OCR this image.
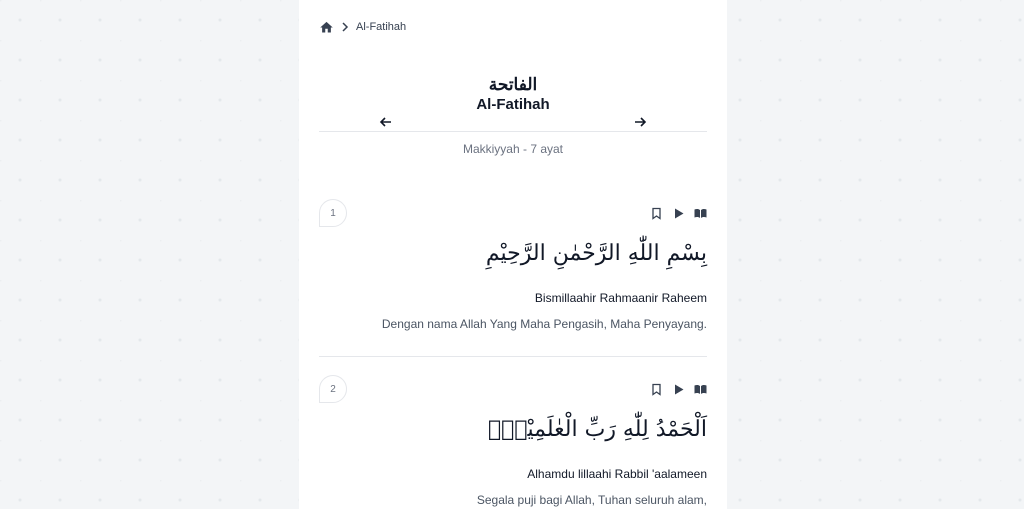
Al-Fatihah
الفاتحة
Al-Fatihah
Makkiyyah - 7 ayat
1
بِسْمِ اللّٰهِ الرَّحْمٰنِ الرَّحِيْمِ
Bismillaahir Rahmaanir Raheem
Dengan nama Allah Yang Maha Pengasih, Maha Penyayang.
2
اَلْحَمْدُ لِلّٰهِ رَبِّ الْعٰلَمِيْنَۙ
Alhamdu lillaahi Rabbil 'aalameen
Segala puji bagi Allah, Tuhan seluruh alam,
